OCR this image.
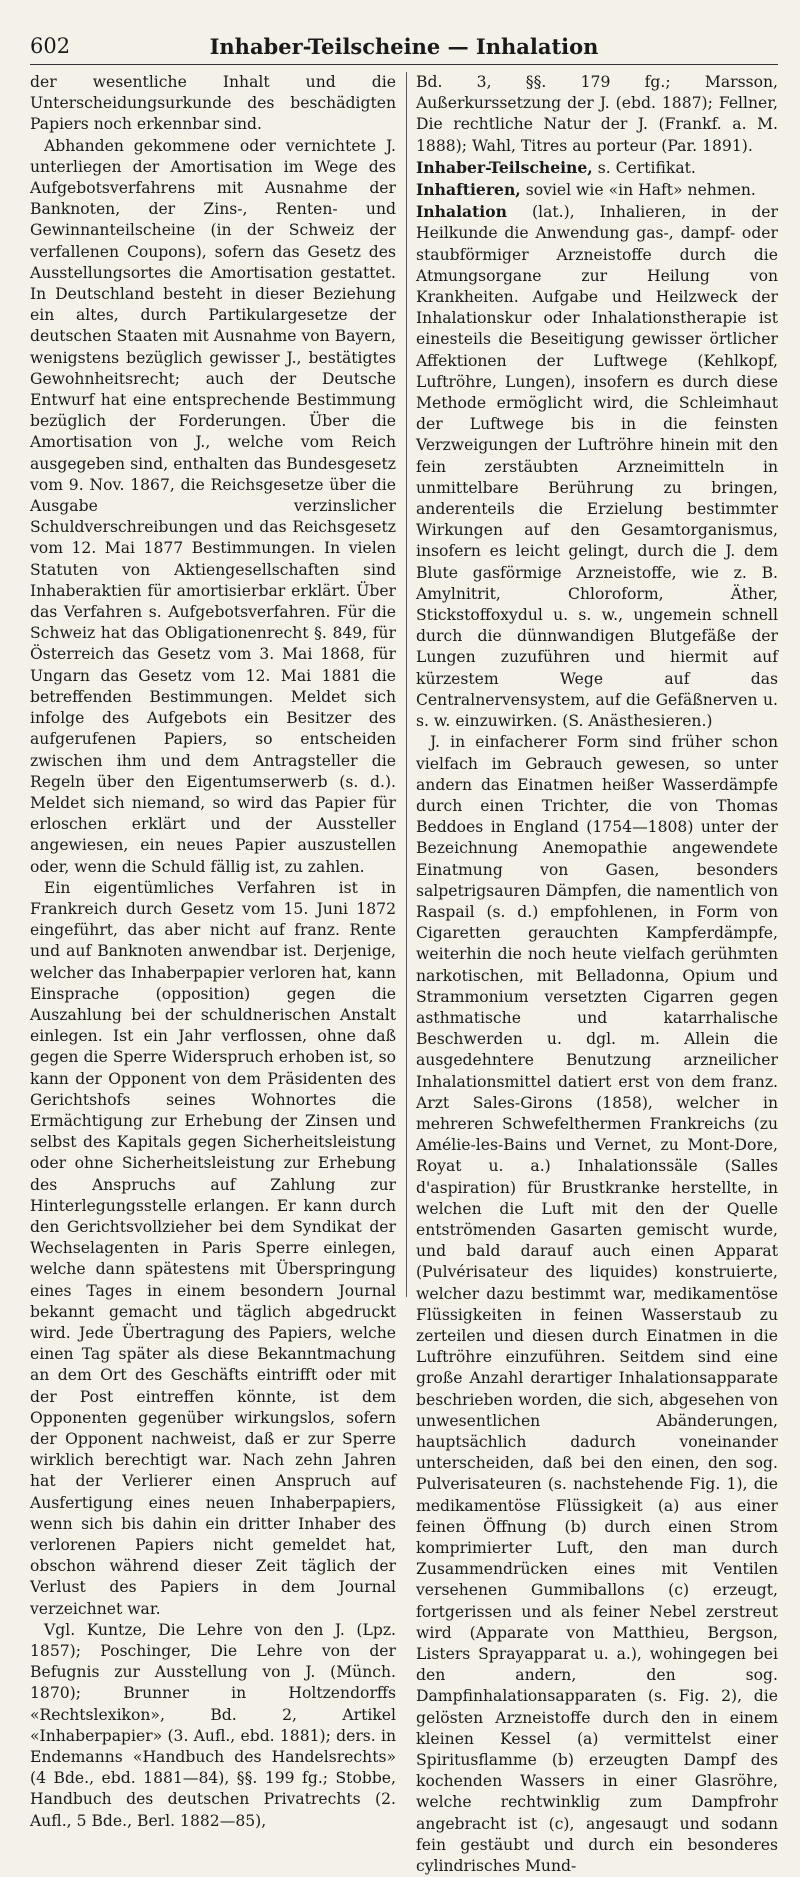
602	Inhaber-Teilscheine — Inhalation

der wesentliche Inhalt und die Unterscheidungsurkunde des beschädigten Papiers noch erkennbar sind.

Abhanden gekommene oder vernichtete J. unterliegen der Amortisation im Wege des Aufgebotsverfahrens mit Ausnahme der Banknoten, der Zins-, Renten- und Gewinnanteilscheine (in der Schweiz der verfallenen Coupons), sofern das Gesetz des Ausstellungsortes die Amortisation gestattet. In Deutschland besteht in dieser Beziehung ein altes, durch Partikulargesetze der deutschen Staaten mit Ausnahme von Bayern, wenigstens bezüglich gewisser J., bestätigtes Gewohnheitsrecht; auch der Deutsche Entwurf hat eine entsprechende Bestimmung bezüglich der Forderungen. Über die Amortisation von J., welche vom Reich ausgegeben sind, enthalten das Bundesgesetz vom 9. Nov. 1867, die Reichsgesetze über die Ausgabe verzinslicher Schuldverschreibungen und das Reichsgesetz vom 12. Mai 1877 Bestimmungen. In vielen Statuten von Aktiengesellschaften sind Inhaberaktien für amortisierbar erklärt. Über das Verfahren s. Aufgebotsverfahren. Für die Schweiz hat das Obligationenrecht §. 849, für Österreich das Gesetz vom 3. Mai 1868, für Ungarn das Gesetz vom 12. Mai 1881 die betreffenden Bestimmungen. Meldet sich infolge des Aufgebots ein Besitzer des aufgerufenen Papiers, so entscheiden zwischen ihm und dem Antragsteller die Regeln über den Eigentumserwerb (s. d.). Meldet sich niemand, so wird das Papier für erloschen erklärt und der Aussteller angewiesen, ein neues Papier auszustellen oder, wenn die Schuld fällig ist, zu zahlen.

Ein eigentümliches Verfahren ist in Frankreich durch Gesetz vom 15. Juni 1872 eingeführt, das aber nicht auf franz. Rente und auf Banknoten anwendbar ist. Derjenige, welcher das Inhaberpapier verloren hat, kann Einsprache (opposition) gegen die Auszahlung bei der schuldnerischen Anstalt einlegen. Ist ein Jahr verflossen, ohne daß gegen die Sperre Widerspruch erhoben ist, so kann der Opponent von dem Präsidenten des Gerichtshofs seines Wohnortes die Ermächtigung zur Erhebung der Zinsen und selbst des Kapitals gegen Sicherheitsleistung oder ohne Sicherheitsleistung zur Erhebung des Anspruchs auf Zahlung zur Hinterlegungsstelle erlangen. Er kann durch den Gerichtsvollzieher bei dem Syndikat der Wechselagenten in Paris Sperre einlegen, welche dann spätestens mit Überspringung eines Tages in einem besondern Journal bekannt gemacht und täglich abgedruckt wird. Jede Übertragung des Papiers, welche einen Tag später als diese Bekanntmachung an dem Ort des Geschäfts eintrifft oder mit der Post eintreffen könnte, ist dem Opponenten gegenüber wirkungslos, sofern der Opponent nachweist, daß er zur Sperre wirklich berechtigt war. Nach zehn Jahren hat der Verlierer einen Anspruch auf Ausfertigung eines neuen Inhaberpapiers, wenn sich bis dahin ein dritter Inhaber des verlorenen Papiers nicht gemeldet hat, obschon während dieser Zeit täglich der Verlust des Papiers in dem Journal verzeichnet war.

Vgl. Kuntze, Die Lehre von den J. (Lpz. 1857); Poschinger, Die Lehre von der Befugnis zur Ausstellung von J. (Münch. 1870); Brunner in Holtzendorffs «Rechtslexikon», Bd. 2, Artikel «Inhaberpapier» (3. Aufl., ebd. 1881); ders. in Endemanns «Handbuch des Handelsrechts» (4 Bde., ebd. 1881—84), §§. 199 fg.; Stobbe, Handbuch des deutschen Privatrechts (2. Aufl., 5 Bde., Berl. 1882—85),

Bd. 3, §§. 179 fg.; Marsson, Außerkurssetzung der J. (ebd. 1887); Fellner, Die rechtliche Natur der J. (Frankf. a. M. 1888); Wahl, Titres au porteur (Par. 1891).

Inhaber-Teilscheine, s. Certifikat.

Inhaftieren, soviel wie «in Haft» nehmen.

Inhalation (lat.), Inhalieren, in der Heilkunde die Anwendung gas-, dampf- oder staubförmiger Arzneistoffe durch die Atmungsorgane zur Heilung von Krankheiten. Aufgabe und Heilzweck der Inhalationskur oder Inhalationstherapie ist einesteils die Beseitigung gewisser örtlicher Affektionen der Luftwege (Kehlkopf, Luftröhre, Lungen), insofern es durch diese Methode ermöglicht wird, die Schleimhaut der Luftwege bis in die feinsten Verzweigungen der Luftröhre hinein mit den fein zerstäubten Arzneimitteln in unmittelbare Berührung zu bringen, anderenteils die Erzielung bestimmter Wirkungen auf den Gesamtorganismus, insofern es leicht gelingt, durch die J. dem Blute gasförmige Arzneistoffe, wie z. B. Amylnitrit, Chloroform, Äther, Stickstoffoxydul u. s. w., ungemein schnell durch die dünnwandigen Blutgefäße der Lungen zuzuführen und hiermit auf kürzestem Wege auf das Centralnervensystem, auf die Gefäßnerven u. s. w. einzuwirken. (S. Anästhesieren.)

J. in einfacherer Form sind früher schon vielfach im Gebrauch gewesen, so unter andern das Einatmen heißer Wasserdämpfe durch einen Trichter, die von Thomas Beddoes in England (1754—1808) unter der Bezeichnung Anemopathie angewendete Einatmung von Gasen, besonders salpetrigsauren Dämpfen, die namentlich von Raspail (s. d.) empfohlenen, in Form von Cigaretten gerauchten Kampferdämpfe, weiterhin die noch heute vielfach gerühmten narkotischen, mit Belladonna, Opium und Strammonium versetzten Cigarren gegen asthmatische und katarrhalische Beschwerden u. dgl. m. Allein die ausgedehntere Benutzung arzneilicher Inhalationsmittel datiert erst von dem franz. Arzt Sales-Girons (1858), welcher in mehreren Schwefelthermen Frankreichs (zu Amélie-les-Bains und Vernet, zu Mont-Dore, Royat u. a.) Inhalationssäle (Salles d'aspiration) für Brustkranke herstellte, in welchen die Luft mit den der Quelle entströmenden Gasarten gemischt wurde, und bald darauf auch einen Apparat (Pulvérisateur des liquides) konstruierte, welcher dazu bestimmt war, medikamentöse Flüssigkeiten in feinen Wasserstaub zu zerteilen und diesen durch Einatmen in die Luftröhre einzuführen. Seitdem sind eine große Anzahl derartiger Inhalationsapparate beschrieben worden, die sich, abgesehen von unwesentlichen Abänderungen, hauptsächlich dadurch voneinander unterscheiden, daß bei den einen, den sog. Pulverisateuren (s. nachstehende Fig. 1), die medikamentöse Flüssigkeit (a) aus einer feinen Öffnung (b) durch einen Strom komprimierter Luft, den man durch Zusammendrücken eines mit Ventilen versehenen Gummiballons (c) erzeugt, fortgerissen und als feiner Nebel zerstreut wird (Apparate von Matthieu, Bergson, Listers Sprayapparat u. a.), wohingegen bei den andern, den sog. Dampfinhalationsapparaten (s. Fig. 2), die gelösten Arzneistoffe durch den in einem kleinen Kessel (a) vermittelst einer Spiritusflamme (b) erzeugten Dampf des kochenden Wassers in einer Glasröhre, welche rechtwinklig zum Dampfrohr angebracht ist (c), angesaugt und sodann fein gestäubt und durch ein besonderes cylindrisches Mund-
